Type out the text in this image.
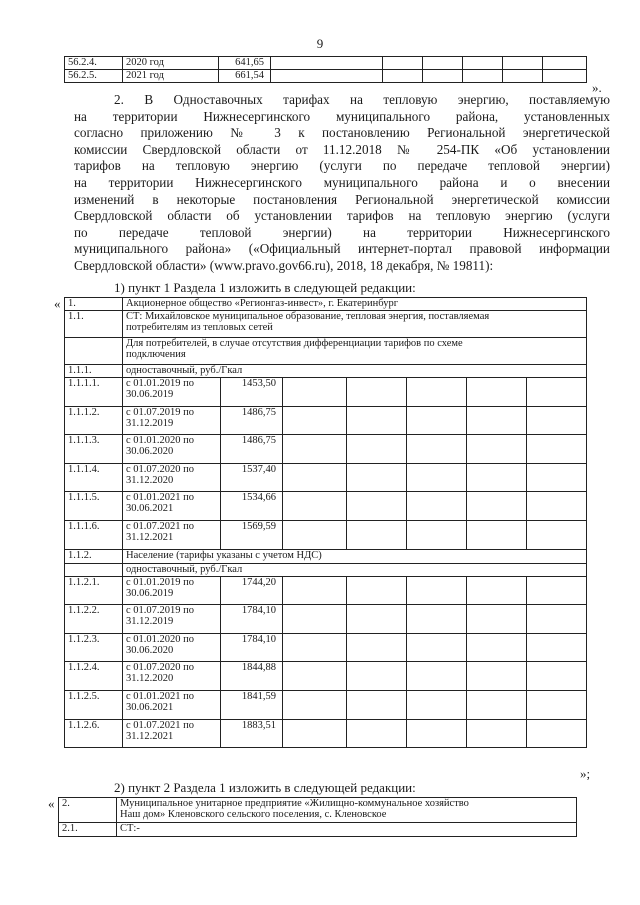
9
56.2.4.	2020 год	641,65						
56.2.5.	2021 год	661,54						
».
2. В Одноставочных тарифах на тепловую энергию, поставляемую
на территории Нижнесергинского муниципального района, установленных
согласно приложению № 3 к постановлению Региональной энергетической
комиссии Свердловской области от 11.12.2018 № 254-ПК «Об установлении
тарифов на тепловую энергию (услуги по передаче тепловой энергии)
на территории Нижнесергинского муниципального района и о внесении
изменений в некоторые постановления Региональной энергетической комиссии
Свердловской области об установлении тарифов на тепловую энергию (услуги
по передаче тепловой энергии) на территории Нижнесергинского
муниципального района» («Официальный интернет-портал правовой информации
Свердловской области» (www.pravo.gov66.ru), 2018, 18 декабря, № 19811):
1) пункт 1 Раздела 1 изложить в следующей редакции:
« 1.	Акционерное общество «Регионгаз-инвест», г. Екатеринбург						

1.1.	СТ: Михайловское муниципальное образование, тепловая энергия, поставляемая
потребителям из тепловых сетей						

	Для потребителей, в случае отсутствия дифференциации тарифов по схеме
подключения						

1.1.1.	одноставочный, руб./Гкал						

1.1.1.1.	с 01.01.2019 по
30.06.2019	1453,50					
1.1.1.2.	с 01.07.2019 по
31.12.2019	1486,75					
1.1.1.3.	с 01.01.2020 по
30.06.2020	1486,75					
1.1.1.4.	с 01.07.2020 по
31.12.2020	1537,40					
1.1.1.5.	с 01.01.2021 по
30.06.2021	1534,66					
1.1.1.6.	с 01.07.2021 по
31.12.2021	1569,59					
1.1.2.	Население (тарифы указаны с учетом НДС)						

	одноставочный, руб./Гкал						

1.1.2.1.	с 01.01.2019 по
30.06.2019	1744,20					
1.1.2.2.	с 01.07.2019 по
31.12.2019	1784,10					
1.1.2.3.	с 01.01.2020 по
30.06.2020	1784,10					
1.1.2.4.	с 01.07.2020 по
31.12.2020	1844,88					
1.1.2.5.	с 01.01.2021 по
30.06.2021	1841,59					
1.1.2.6.	с 01.07.2021 по
31.12.2021	1883,51					
»;
2) пункт 2 Раздела 1 изложить в следующей редакции:
« 2.	Муниципальное унитарное предприятие «Жилищно-коммунальное хозяйство
Наш дом» Кленовского сельского поселения, с. Кленовское

2.1.	СТ:-
